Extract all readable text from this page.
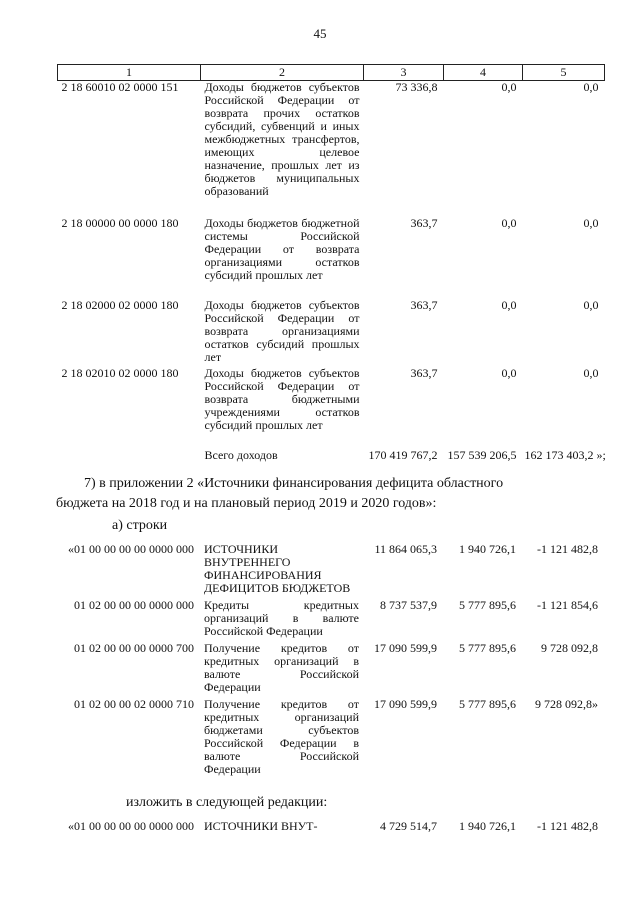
45
1	2	3	4	5
2 18 60010 02 0000 151	Доходы бюджетов субъектов Российской Федерации от возврата прочих остатков субсидий, субвенций и иных межбюджетных трансфертов, имеющих целевое назначение, прошлых лет из бюджетов муниципальных образований	73 336,8	0,0	0,0
2 18 00000 00 0000 180	Доходы бюджетов бюджетной системы Российской Федерации от возврата организациями остатков субсидий прошлых лет	363,7	0,0	0,0
2 18 02000 02 0000 180	Доходы бюджетов субъектов Российской Федерации от возврата организациями остатков субсидий прошлых лет	363,7	0,0	0,0
2 18 02010 02 0000 180	Доходы бюджетов субъектов Российской Федерации от возврата бюджетными учреждениями остатков субсидий прошлых лет	363,7	0,0	0,0
	Всего доходов	170 419 767,2	157 539 206,5	162 173 403,2 »;
7) в приложении 2 «Источники финансирования дефицита областного
бюджета на 2018 год и на плановый период 2019 и 2020 годов»:
а) строки
«01 00 00 00 00 0000 000	ИСТОЧНИКИ ВНУТРЕННЕГО ФИНАНСИРОВАНИЯ ДЕФИЦИТОВ БЮДЖЕТОВ	11 864 065,3	1 940 726,1	-1 121 482,8
01 02 00 00 00 0000 000	Кредиты кредитных организаций в валюте Российской Федерации	8 737 537,9	5 777 895,6	-1 121 854,6
01 02 00 00 00 0000 700	Получение кредитов от кредитных организаций в валюте Российской Федерации	17 090 599,9	5 777 895,6	9 728 092,8
01 02 00 00 02 0000 710	Получение кредитов от кредитных организаций бюджетами субъектов Российской Федерации в валюте Российской Федерации	17 090 599,9	5 777 895,6	9 728 092,8»
изложить в следующей редакции:
«01 00 00 00 00 0000 000	ИСТОЧНИКИ ВНУТ-	4 729 514,7	1 940 726,1	-1 121 482,8
